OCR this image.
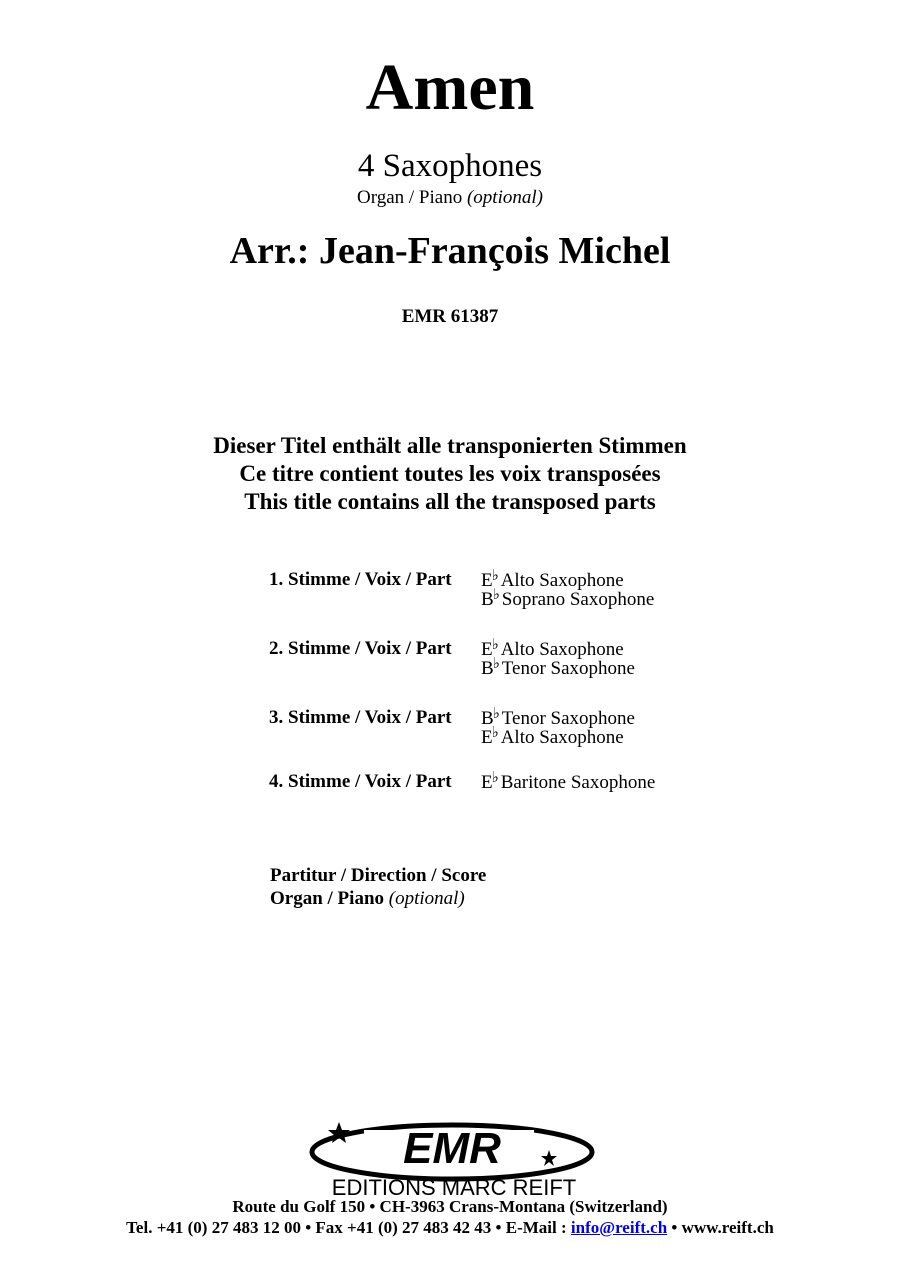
Amen
4 Saxophones
Organ / Piano (optional)
Arr.: Jean-François Michel
EMR 61387
Dieser Titel enthält alle transponierten Stimmen
Ce titre contient toutes les voix transposées
This title contains all the transposed parts
1. Stimme / Voix / Part E♭ Alto Saxophone
B♭ Soprano Saxophone
2. Stimme / Voix / Part E♭ Alto Saxophone
B♭ Tenor Saxophone
3. Stimme / Voix / Part B♭ Tenor Saxophone
E♭ Alto Saxophone
4. Stimme / Voix / Part E♭ Baritone Saxophone
Partitur / Direction / Score
Organ / Piano (optional)
EMR
EDITIONS MARC REIFT
Route du Golf 150 • CH-3963 Crans-Montana (Switzerland)
Tel. +41 (0) 27 483 12 00 • Fax +41 (0) 27 483 42 43 • E-Mail : info@reift.ch • www.reift.ch
